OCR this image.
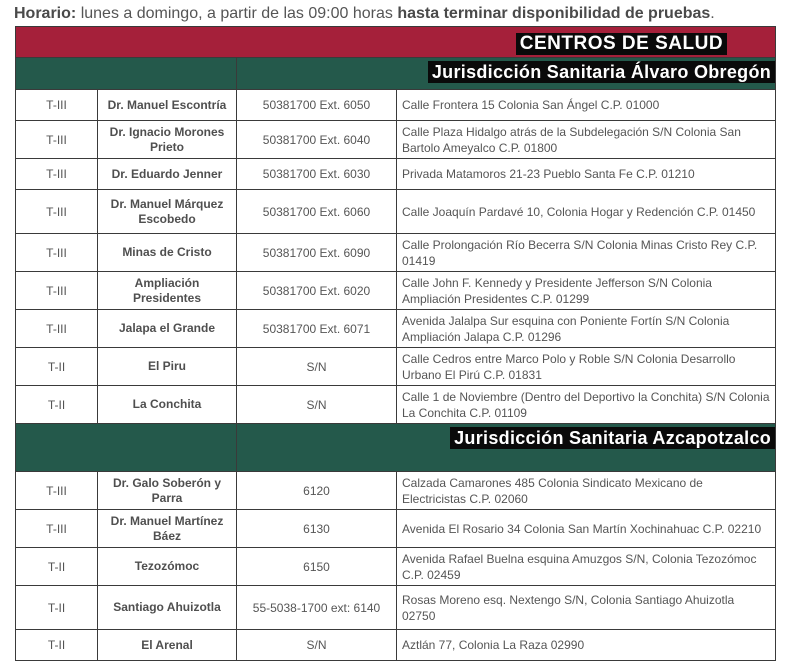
Horario: lunes a domingo, a partir de las 09:00 horas hasta terminar disponibilidad de pruebas.
CENTROS DE SALUD			

		Jurisdicción Sanitaria Álvaro Obregón	

T-III	Dr. Manuel Escontría	50381700 Ext. 6050	Calle Frontera 15 Colonia San Ángel C.P. 01000
T-III	Dr. Ignacio Morones Prieto	50381700 Ext. 6040	Calle Plaza Hidalgo atrás de la Subdelegación S/N Colonia San Bartolo Ameyalco C.P. 01800
T-III	Dr. Eduardo Jenner	50381700 Ext. 6030	Privada Matamoros 21-23 Pueblo Santa Fe C.P. 01210
T-III	Dr. Manuel Márquez Escobedo	50381700 Ext. 6060	Calle Joaquín Pardavé 10, Colonia Hogar y Redención C.P. 01450
T-III	Minas de Cristo	50381700 Ext. 6090	Calle Prolongación Río Becerra S/N Colonia Minas Cristo Rey C.P. 01419
T-III	Ampliación Presidentes	50381700 Ext. 6020	Calle John F. Kennedy y Presidente Jefferson S/N Colonia Ampliación Presidentes C.P. 01299
T-III	Jalapa el Grande	50381700 Ext. 6071	Avenida Jalalpa Sur esquina con Poniente Fortín S/N Colonia Ampliación Jalapa C.P. 01296
T-II	El Piru	S/N	Calle Cedros entre Marco Polo y Roble S/N Colonia Desarrollo Urbano El Pirú C.P. 01831
T-II	La Conchita	S/N	Calle 1 de Noviembre (Dentro del Deportivo la Conchita) S/N Colonia La Conchita C.P. 01109

		Jurisdicción Sanitaria Azcapotzalco	

T-III	Dr. Galo Soberón y Parra	6120	Calzada Camarones 485 Colonia Sindicato Mexicano de Electricistas C.P. 02060
T-III	Dr. Manuel Martínez Báez	6130	Avenida El Rosario 34 Colonia San Martín Xochinahuac C.P. 02210
T-II	Tezozómoc	6150	Avenida Rafael Buelna esquina Amuzgos S/N, Colonia Tezozómoc C.P. 02459
T-II	Santiago Ahuizotla	55-5038-1700 ext: 6140	Rosas Moreno esq. Nextengo S/N, Colonia Santiago Ahuizotla 02750
T-II	El Arenal	S/N	Aztlán 77, Colonia La Raza 02990
